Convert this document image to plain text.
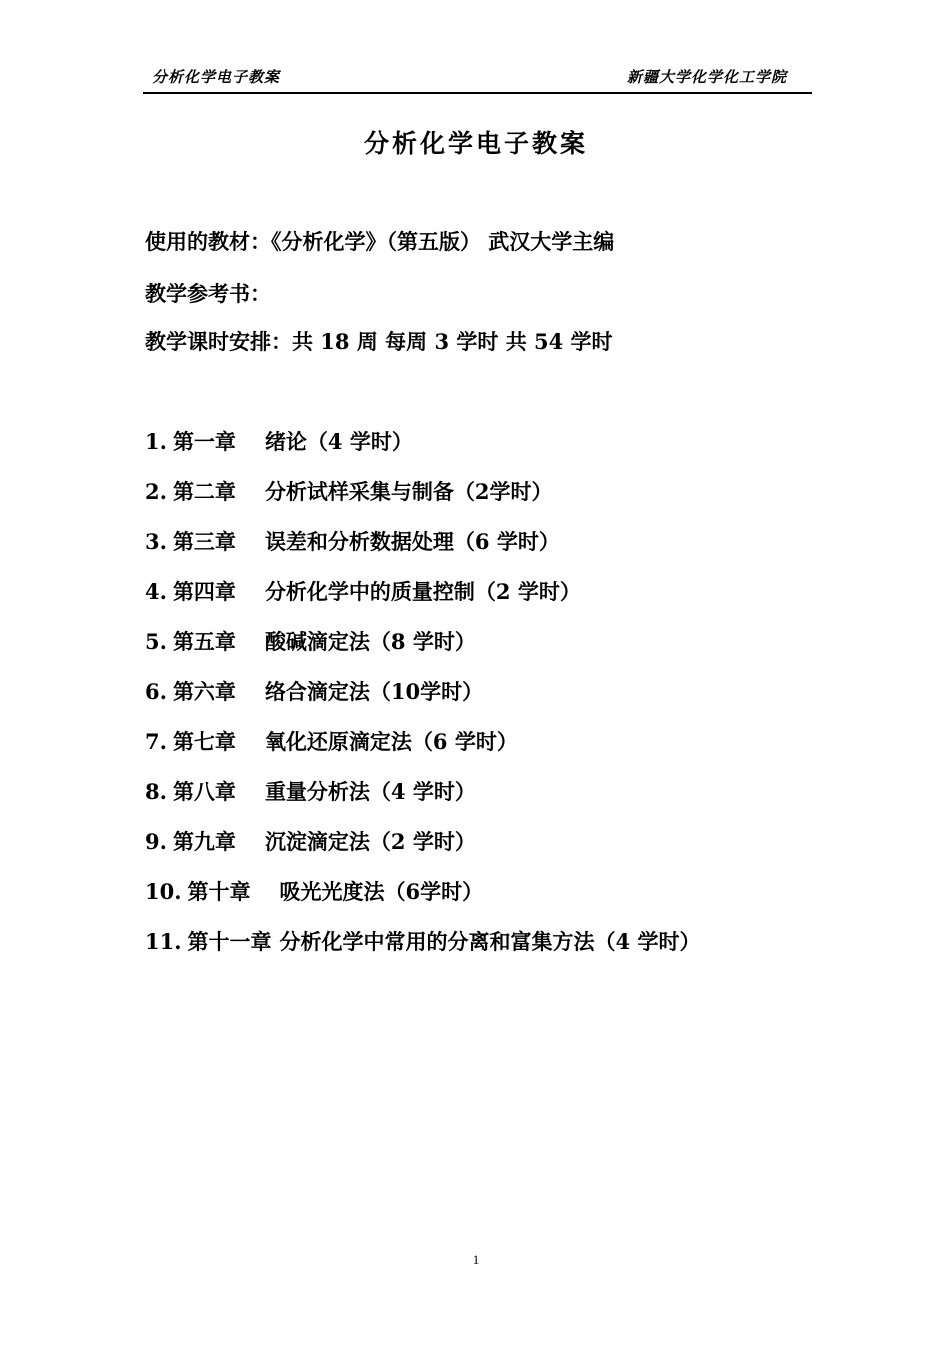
分析化学电子教案	新疆大学化学化工学院
分析化学电子教案
使用的教材：《分析化学》（第五版） 武汉大学主编
教学参考书：
教学课时安排：共 18 周 每周 3 学时 共 54 学时
1. 第一章 绪论（4 学时）
2. 第二章 分析试样采集与制备（2学时）
3. 第三章 误差和分析数据处理（6 学时）
4. 第四章 分析化学中的质量控制（2 学时）
5. 第五章 酸碱滴定法（8 学时）
6. 第六章 络合滴定法（10学时）
7. 第七章 氧化还原滴定法（6 学时）
8. 第八章 重量分析法（4 学时）
9. 第九章 沉淀滴定法（2 学时）
10. 第十章 吸光光度法（6学时）
11. 第十一章 分析化学中常用的分离和富集方法（4 学时）
1
